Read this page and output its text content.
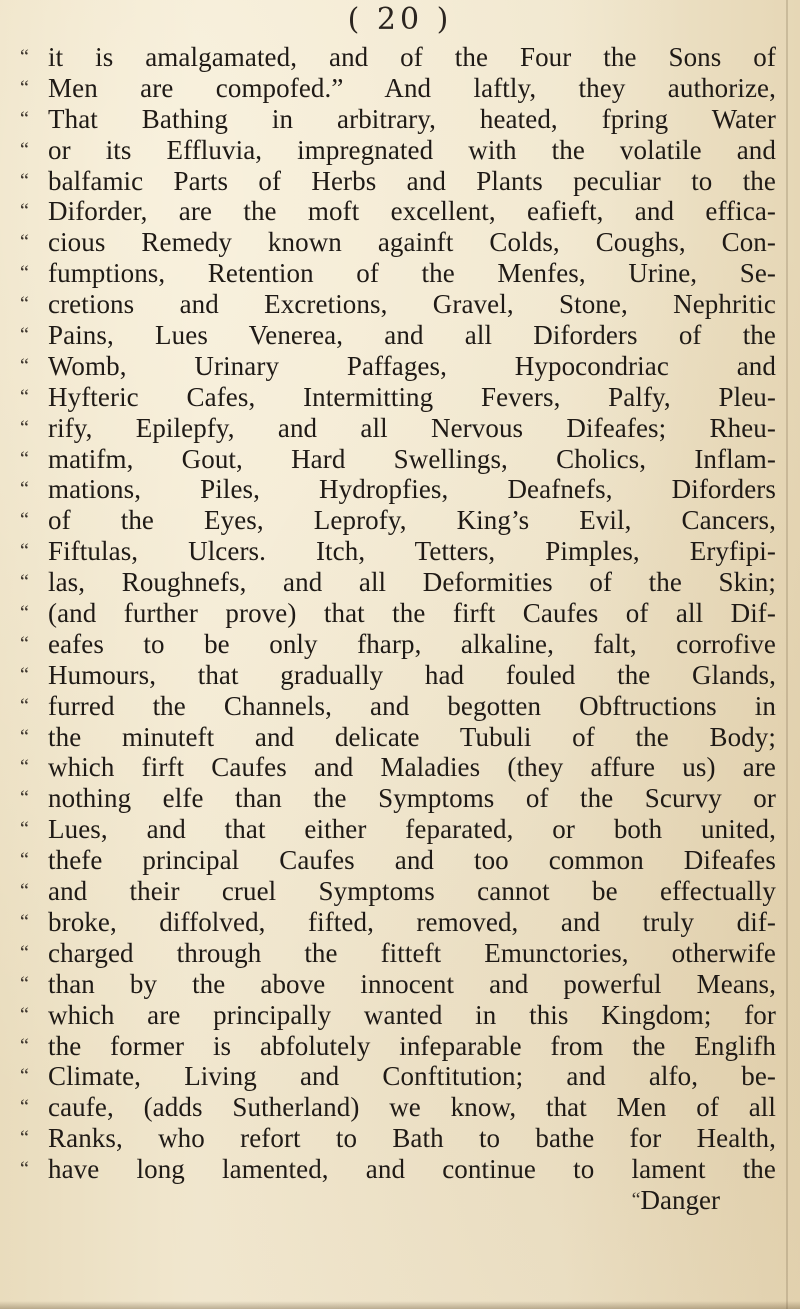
( 20 )

“ it is amalgamated, and of the Four the Sons of
“ Men are compofed.” And laftly, they authorize,
“ That Bathing in arbitrary, heated, fpring Water
“ or its Effluvia, impregnated with the volatile and
“ balfamic Parts of Herbs and Plants peculiar to the
“ Diforder, are the moft excellent, eafieft, and effica-
“ cious Remedy known againft Colds, Coughs, Con-
“ fumptions, Retention of the Menfes, Urine, Se-
“ cretions and Excretions, Gravel, Stone, Nephritic
“ Pains, Lues Venerea, and all Diforders of the
“ Womb, Urinary Paffages, Hypocondriac and
“ Hyfteric Cafes, Intermitting Fevers, Palfy, Pleu-
“ rify, Epilepfy, and all Nervous Difeafes; Rheu-
“ matifm, Gout, Hard Swellings, Cholics, Inflam-
“ mations, Piles, Hydropfies, Deafnefs, Diforders
“ of the Eyes, Leprofy, King’s Evil, Cancers,
“ Fiftulas, Ulcers. Itch, Tetters, Pimples, Eryfipi-
“ las, Roughnefs, and all Deformities of the Skin;
“ (and further prove) that the firft Caufes of all Dif-
“ eafes to be only fharp, alkaline, falt, corrofive
“ Humours, that gradually had fouled the Glands,
“ furred the Channels, and begotten Obftructions in
“ the minuteft and delicate Tubuli of the Body;
“ which firft Caufes and Maladies (they affure us) are
“ nothing elfe than the Symptoms of the Scurvy or
“ Lues, and that either feparated, or both united,
“ thefe principal Caufes and too common Difeafes
“ and their cruel Symptoms cannot be effectually
“ broke, diffolved, fifted, removed, and truly dif-
“ charged through the fitteft Emunctories, otherwife
“ than by the above innocent and powerful Means,
“ which are principally wanted in this Kingdom; for
“ the former is abfolutely infeparable from the Englifh
“ Climate, Living and Conftitution; and alfo, be-
“ caufe, (adds Sutherland) we know, that Men of all
“ Ranks, who refort to Bath to bathe for Health,
“ have long lamented, and continue to lament the
“Danger
